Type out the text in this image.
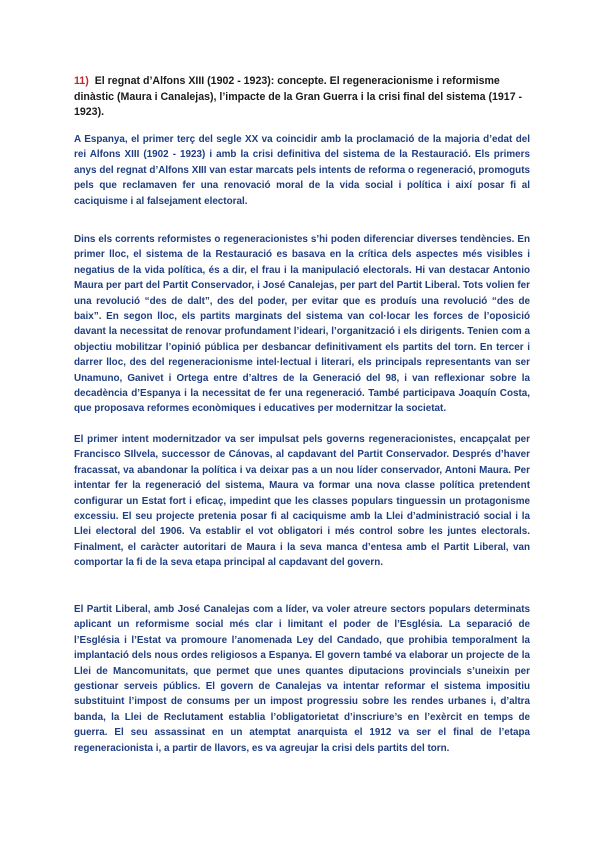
11) El regnat d’Alfons XIII (1902 - 1923): concepte. El regeneracionisme i reformisme dinàstic (Maura i Canalejas), l’impacte de la Gran Guerra i la crisi final del sistema (1917 - 1923).

A Espanya, el primer terç del segle XX va coincidir amb la proclamació de la majoria d’edat del rei Alfons XIII (1902 - 1923) i amb la crisi definitiva del sistema de la Restauració. Els primers anys del regnat d’Alfons XIII van estar marcats pels intents de reforma o regeneració, promoguts pels que reclamaven fer una renovació moral de la vida social i política i així posar fi al caciquisme i al falsejament electoral.

Dins els corrents reformistes o regeneracionistes s’hi poden diferenciar diverses tendències. En primer lloc, el sistema de la Restauració es basava en la crítica dels aspectes més visibles i negatius de la vida política, és a dir, el frau i la manipulació electorals. Hi van destacar Antonio Maura per part del Partit Conservador, i José Canalejas, per part del Partit Liberal. Tots volien fer una revolució “des de dalt”, des del poder, per evitar que es produís una revolució “des de baix”. En segon lloc, els partits marginats del sistema van col·locar les forces de l’oposició davant la necessitat de renovar profundament l’ideari, l’organització i els dirigents. Tenien com a objectiu mobilitzar l’opinió pública per desbancar definitivament els partits del torn. En tercer i darrer lloc, des del regeneracionisme intel·lectual i literari, els principals representants van ser Unamuno, Ganivet i Ortega entre d’altres de la Generació del 98, i van reflexionar sobre la decadència d’Espanya i la necessitat de fer una regeneració. També participava Joaquín Costa, que proposava reformes econòmiques i educatives per modernitzar la societat.

El primer intent modernitzador va ser impulsat pels governs regeneracionistes, encapçalat per Francisco SIlvela, successor de Cánovas, al capdavant del Partit Conservador. Després d’haver fracassat, va abandonar la política i va deixar pas a un nou líder conservador, Antoni Maura. Per intentar fer la regeneració del sistema, Maura va formar una nova classe política pretendent configurar un Estat fort i eficaç, impedint que les classes populars tinguessin un protagonisme excessiu. El seu projecte pretenia posar fi al caciquisme amb la Llei d’administració social i la Llei electoral del 1906. Va establir el vot obligatori i més control sobre les juntes electorals. Finalment, el caràcter autoritari de Maura i la seva manca d’entesa amb el Partit Liberal, van comportar la fi de la seva etapa principal al capdavant del govern.

El Partit Liberal, amb José Canalejas com a líder, va voler atreure sectors populars determinats aplicant un reformisme social més clar i limitant el poder de l’Església. La separació de l’Església i l’Estat va promoure l’anomenada Ley del Candado, que prohibia temporalment la implantació dels nous ordes religiosos a Espanya. El govern també va elaborar un projecte de la Llei de Mancomunitats, que permet que unes quantes diputacions provincials s’uneixin per gestionar serveis públics. El govern de Canalejas va intentar reformar el sistema impositiu substituint l’impost de consums per un impost progressiu sobre les rendes urbanes i, d’altra banda, la Llei de Reclutament establia l’obligatorietat d’inscriure’s en l’exèrcit en temps de guerra. El seu assassinat en un atemptat anarquista el 1912 va ser el final de l’etapa regeneracionista i, a partir de llavors, es va agreujar la crisi dels partits del torn.
